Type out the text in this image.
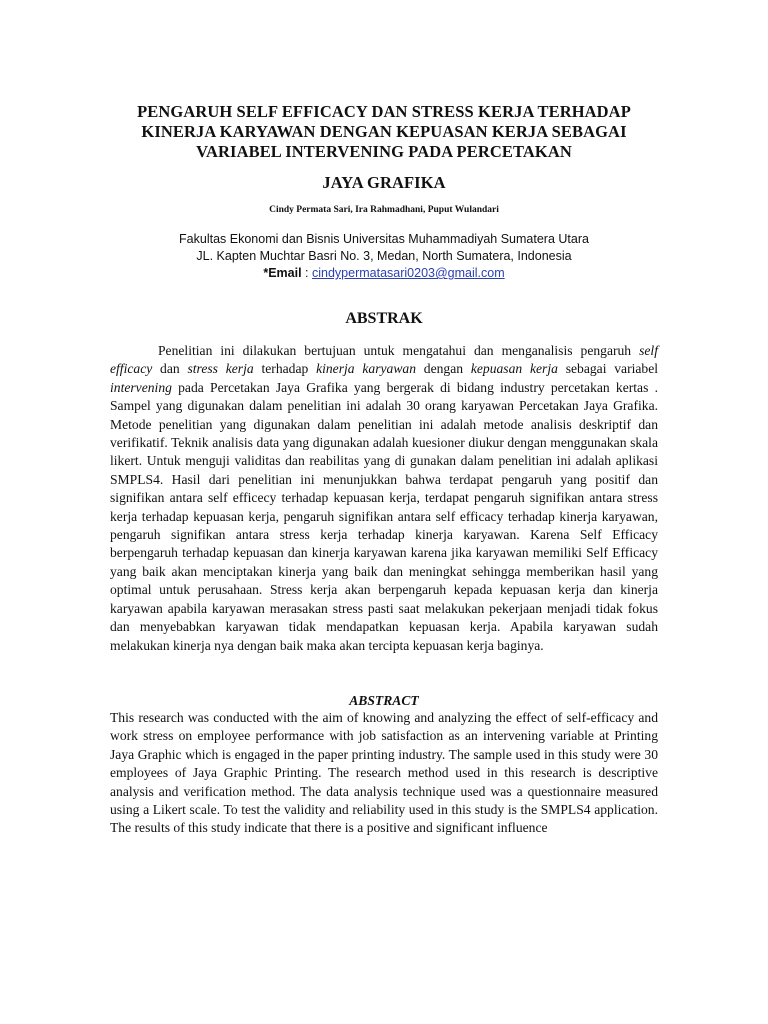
PENGARUH SELF EFFICACY DAN STRESS KERJA TERHADAP
KINERJA KARYAWAN DENGAN KEPUASAN KERJA SEBAGAI
VARIABEL INTERVENING PADA PERCETAKAN
JAYA GRAFIKA
Cindy Permata Sari, Ira Rahmadhani, Puput Wulandari
Fakultas Ekonomi dan Bisnis Universitas Muhammadiyah Sumatera Utara
JL. Kapten Muchtar Basri No. 3, Medan, North Sumatera, Indonesia
*Email : cindypermatasari0203@gmail.com
ABSTRAK

Penelitian ini dilakukan bertujuan untuk mengatahui dan menganalisis pengaruh self efficacy dan stress kerja terhadap kinerja karyawan dengan kepuasan kerja sebagai variabel intervening pada Percetakan Jaya Grafika yang bergerak di bidang industry percetakan kertas . Sampel yang digunakan dalam penelitian ini adalah 30 orang karyawan Percetakan Jaya Grafika. Metode penelitian yang digunakan dalam penelitian ini adalah metode analisis deskriptif dan verifikatif. Teknik analisis data yang digunakan adalah kuesioner diukur dengan menggunakan skala likert. Untuk menguji validitas dan reabilitas yang di gunakan dalam penelitian ini adalah aplikasi SMPLS4. Hasil dari penelitian ini menunjukkan bahwa terdapat pengaruh yang positif dan signifikan antara self efficecy terhadap kepuasan kerja, terdapat pengaruh signifikan antara stress kerja terhadap kepuasan kerja, pengaruh signifikan antara self efficacy terhadap kinerja karyawan, pengaruh signifikan antara stress kerja terhadap kinerja karyawan. Karena Self Efficacy berpengaruh terhadap kepuasan dan kinerja karyawan karena jika karyawan memiliki Self Efficacy yang baik akan menciptakan kinerja yang baik dan meningkat sehingga memberikan hasil yang optimal untuk perusahaan. Stress kerja akan berpengaruh kepada kepuasan kerja dan kinerja karyawan apabila karyawan merasakan stress pasti saat melakukan pekerjaan menjadi tidak fokus dan menyebabkan karyawan tidak mendapatkan kepuasan kerja. Apabila karyawan sudah melakukan kinerja nya dengan baik maka akan tercipta kepuasan kerja baginya.

ABSTRACT

This research was conducted with the aim of knowing and analyzing the effect of self-efficacy and work stress on employee performance with job satisfaction as an intervening variable at Printing Jaya Graphic which is engaged in the paper printing industry. The sample used in this study were 30 employees of Jaya Graphic Printing. The research method used in this research is descriptive analysis and verification method. The data analysis technique used was a questionnaire measured using a Likert scale. To test the validity and reliability used in this study is the SMPLS4 application. The results of this study indicate that there is a positive and significant influence
